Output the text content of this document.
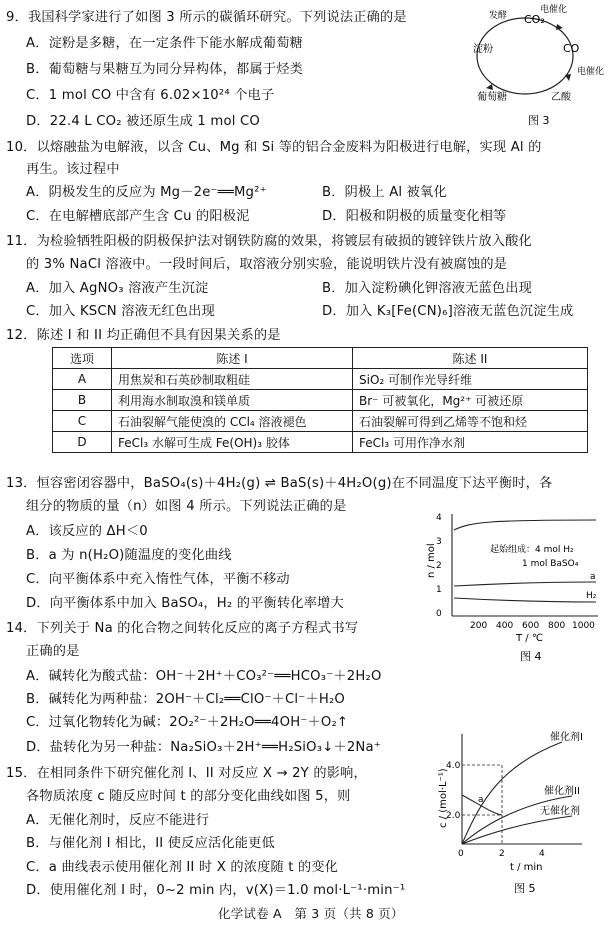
9．我国科学家进行了如图 3 所示的碳循环研究。下列说法正确的是
A．淀粉是多糖，在一定条件下能水解成葡萄糖
B．葡萄糖与果糖互为同分异构体，都属于烃类
C．1 mol CO 中含有 6.02×10²⁴ 个电子
D．22.4 L CO₂ 被还原生成 1 mol CO
CO₂
CO
淀粉
葡萄糖	乙酸
电催化
电催化
发酵
图 3
10．以熔融盐为电解液，以含 Cu、Mg 和 Si 等的铝合金废料为阳极进行电解，实现 Al 的
再生。该过程中
A．阴极发生的反应为 Mg－2e⁻══Mg²⁺	B．阴极上 Al 被氧化
C．在电解槽底部产生含 Cu 的阳极泥	D．阳极和阴极的质量变化相等
11．为检验牺牲阳极的阴极保护法对钢铁防腐的效果，将镀层有破损的镀锌铁片放入酸化
的 3% NaCl 溶液中。一段时间后，取溶液分别实验，能说明铁片没有被腐蚀的是
A．加入 AgNO₃ 溶液产生沉淀	B．加入淀粉碘化钾溶液无蓝色出现
C．加入 KSCN 溶液无红色出现	D．加入 K₃[Fe(CN)₆]溶液无蓝色沉淀生成
12．陈述 I 和 II 均正确但不具有因果关系的是
选项	陈述 I	陈述 II
A	用焦炭和石英砂制取粗硅	SiO₂ 可制作光导纤维
B	利用海水制取溴和镁单质	Br⁻ 可被氧化，Mg²⁺ 可被还原
C	石油裂解气能使溴的 CCl₄ 溶液褪色	石油裂解可得到乙烯等不饱和烃
D	FeCl₃ 水解可生成 Fe(OH)₃ 胶体	FeCl₃ 可用作净水剂
13．恒容密闭容器中，BaSO₄(s)＋4H₂(g) ⇌ BaS(s)＋4H₂O(g)在不同温度下达平衡时，各
组分的物质的量（n）如图 4 所示。下列说法正确的是
A．该反应的 ΔH＜0
B．a 为 n(H₂O)随温度的变化曲线
C．向平衡体系中充入惰性气体，平衡不移动
D．向平衡体系中加入 BaSO₄，H₂ 的平衡转化率增大
4
3
2
1
0
n / mol	起始组成：4 mol H₂
1 mol BaSO₄
a
H₂
200 400 600 800 1000
T / ℃
图 4
14．下列关于 Na 的化合物之间转化反应的离子方程式书写
正确的是
A．碱转化为酸式盐：OH⁻＋2H⁺＋CO₃²⁻══HCO₃⁻＋2H₂O
B．碱转化为两种盐：2OH⁻＋Cl₂══ClO⁻＋Cl⁻＋H₂O
C．过氧化物转化为碱：2O₂²⁻＋2H₂O══4OH⁻＋O₂↑
D．盐转化为另一种盐：Na₂SiO₃＋2H⁺══H₂SiO₃↓＋2Na⁺
15．在相同条件下研究催化剂 I、II 对反应 X → 2Y 的影响，
各物质浓度 c 随反应时间 t 的部分变化曲线如图 5，则
A．无催化剂时，反应不能进行
B．与催化剂 I 相比，II 使反应活化能更低
C．a 曲线表示使用催化剂 II 时 X 的浓度随 t 的变化
D．使用催化剂 I 时，0~2 min 内，v(X)＝1.0 mol·L⁻¹·min⁻¹
c / (mol·L⁻¹)
4.0
2.0
a
催化剂I
催化剂II
无催化剂
0	2	4
t / min
图 5
化学试卷 A　第 3 页（共 8 页）
